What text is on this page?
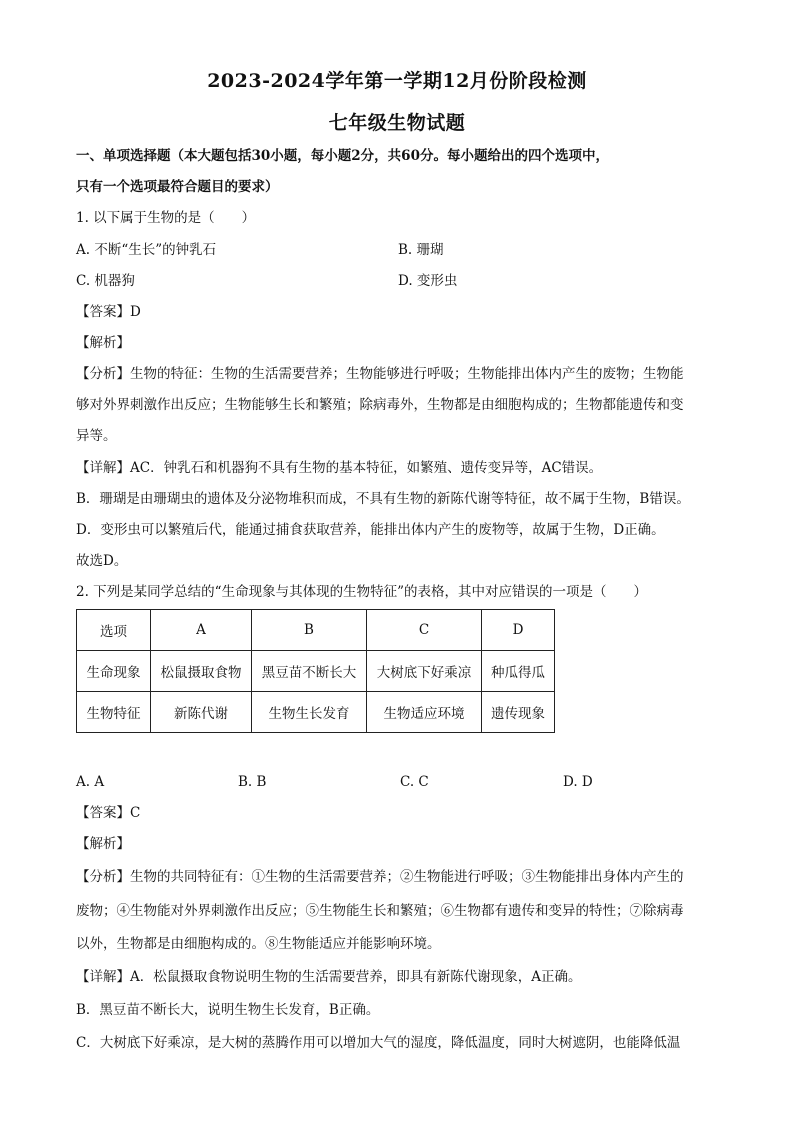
2023-2024学年第一学期12月份阶段检测
七年级生物试题
一、单项选择题（本大题包括30小题，每小题2分，共60分。每小题给出的四个选项中，
只有一个选项最符合题目的要求）
1. 以下属于生物的是（　　）
A. 不断“生长”的钟乳石	B. 珊瑚
C. 机器狗	D. 变形虫
【答案】D
【解析】
【分析】生物的特征：生物的生活需要营养；生物能够进行呼吸；生物能排出体内产生的废物；生物能
够对外界刺激作出反应；生物能够生长和繁殖；除病毒外，生物都是由细胞构成的；生物都能遗传和变
异等。
【详解】AC．钟乳石和机器狗不具有生物的基本特征，如繁殖、遗传变异等，AC错误。
B．珊瑚是由珊瑚虫的遗体及分泌物堆积而成，不具有生物的新陈代谢等特征，故不属于生物，B错误。
D．变形虫可以繁殖后代，能通过捕食获取营养，能排出体内产生的废物等，故属于生物，D正确。
故选D。
2. 下列是某同学总结的“生命现象与其体现的生物特征”的表格，其中对应错误的一项是（　　）
选项	A	B	C	D
生命现象	松鼠摄取食物	黑豆苗不断长大	大树底下好乘凉	种瓜得瓜
生物特征	新陈代谢	生物生长发育	生物适应环境	遗传现象
A. A	B. B	C. C	D. D
【答案】C
【解析】
【分析】生物的共同特征有：①生物的生活需要营养；②生物能进行呼吸；③生物能排出身体内产生的
废物；④生物能对外界刺激作出反应；⑤生物能生长和繁殖；⑥生物都有遗传和变异的特性；⑦除病毒
以外，生物都是由细胞构成的。⑧生物能适应并能影响环境。
【详解】A．松鼠摄取食物说明生物的生活需要营养，即具有新陈代谢现象，A正确。
B．黑豆苗不断长大，说明生物生长发育，B正确。
C．大树底下好乘凉，是大树的蒸腾作用可以增加大气的湿度，降低温度，同时大树遮阴，也能降低温
